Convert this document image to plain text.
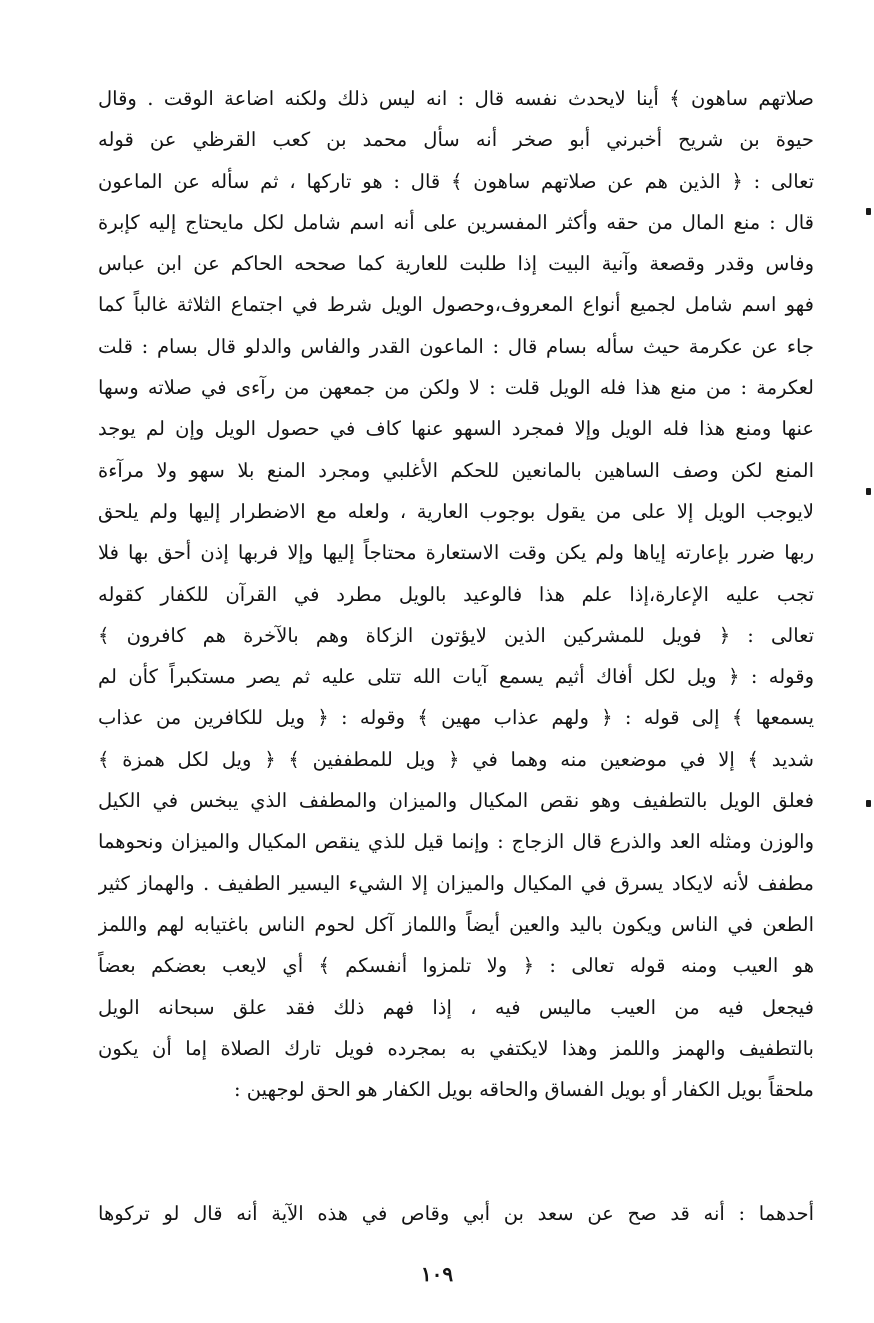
صلاتهم ساهون ﴾ أينا لايحدث نفسه قال : انه ليس ذلك ولكنه اضاعة الوقت . وقال
حيوة بن شريح أخبرني أبو صخر أنه سأل محمد بن كعب القرظي عن قوله
تعالى : ﴿ الذين هم عن صلاتهم ساهون ﴾ قال : هو تاركها ، ثم سأله عن الماعون
قال : منع المال من حقه وأكثر المفسرين على أنه اسم شامل لكل مايحتاج إليه كإبرة
وفاس وقدر وقصعة وآنية البيت إذا طلبت للعارية كما صححه الحاكم عن ابن عباس
فهو اسم شامل لجميع أنواع المعروف،وحصول الويل شرط في اجتماع الثلاثة غالباً كما
جاء عن عكرمة حيث سأله بسام قال : الماعون القدر والفاس والدلو قال بسام : قلت
لعكرمة : من منع هذا فله الويل قلت : لا ولكن من جمعهن من رآءى في صلاته وسها
عنها ومنع هذا فله الويل وإلا فمجرد السهو عنها كاف في حصول الويل وإن لم يوجد
المنع لكن وصف الساهين بالمانعين للحكم الأغلبي ومجرد المنع بلا سهو ولا مرآءة
لايوجب الويل إلا على من يقول بوجوب العارية ، ولعله مع الاضطرار إليها ولم يلحق
ربها ضرر بإعارته إياها ولم يكن وقت الاستعارة محتاجاً إليها وإلا فربها إذن أحق بها فلا
تجب عليه الإعارة،إذا علم هذا فالوعيد بالويل مطرد في القرآن للكفار كقوله
تعالى : ﴿ فويل للمشركين الذين لايؤتون الزكاة وهم بالآخرة هم كافرون ﴾
وقوله : ﴿ ويل لكل أفاك أثيم يسمع آيات الله تتلى عليه ثم يصر مستكبراً كأن لم
يسمعها ﴾ إلى قوله : ﴿ ولهم عذاب مهين ﴾ وقوله : ﴿ ويل للكافرين من عذاب
شديد ﴾ إلا في موضعين منه وهما في ﴿ ويل للمطففين ﴾ ﴿ ويل لكل همزة ﴾
فعلق الويل بالتطفيف وهو نقص المكيال والميزان والمطفف الذي يبخس في الكيل
والوزن ومثله العد والذرع قال الزجاج : وإنما قيل للذي ينقص المكيال والميزان ونحوهما
مطفف لأنه لايكاد يسرق في المكيال والميزان إلا الشيء اليسير الطفيف . والهماز كثير
الطعن في الناس ويكون باليد والعين أيضاً واللماز آكل لحوم الناس باغتيابه لهم واللمز
هو العيب ومنه قوله تعالى : ﴿ ولا تلمزوا أنفسكم ﴾ أي لايعب بعضكم بعضاً
فيجعل فيه من العيب ماليس فيه ، إذا فهم ذلك فقد علق سبحانه الويل
بالتطفيف والهمز واللمز وهذا لايكتفي به بمجرده فويل تارك الصلاة إما أن يكون
ملحقاً بويل الكفار أو بويل الفساق والحاقه بويل الكفار هو الحق لوجهين :
أحدهما : أنه قد صح عن سعد بن أبي وقاص في هذه الآية أنه قال لو تركوها
١٠٩
